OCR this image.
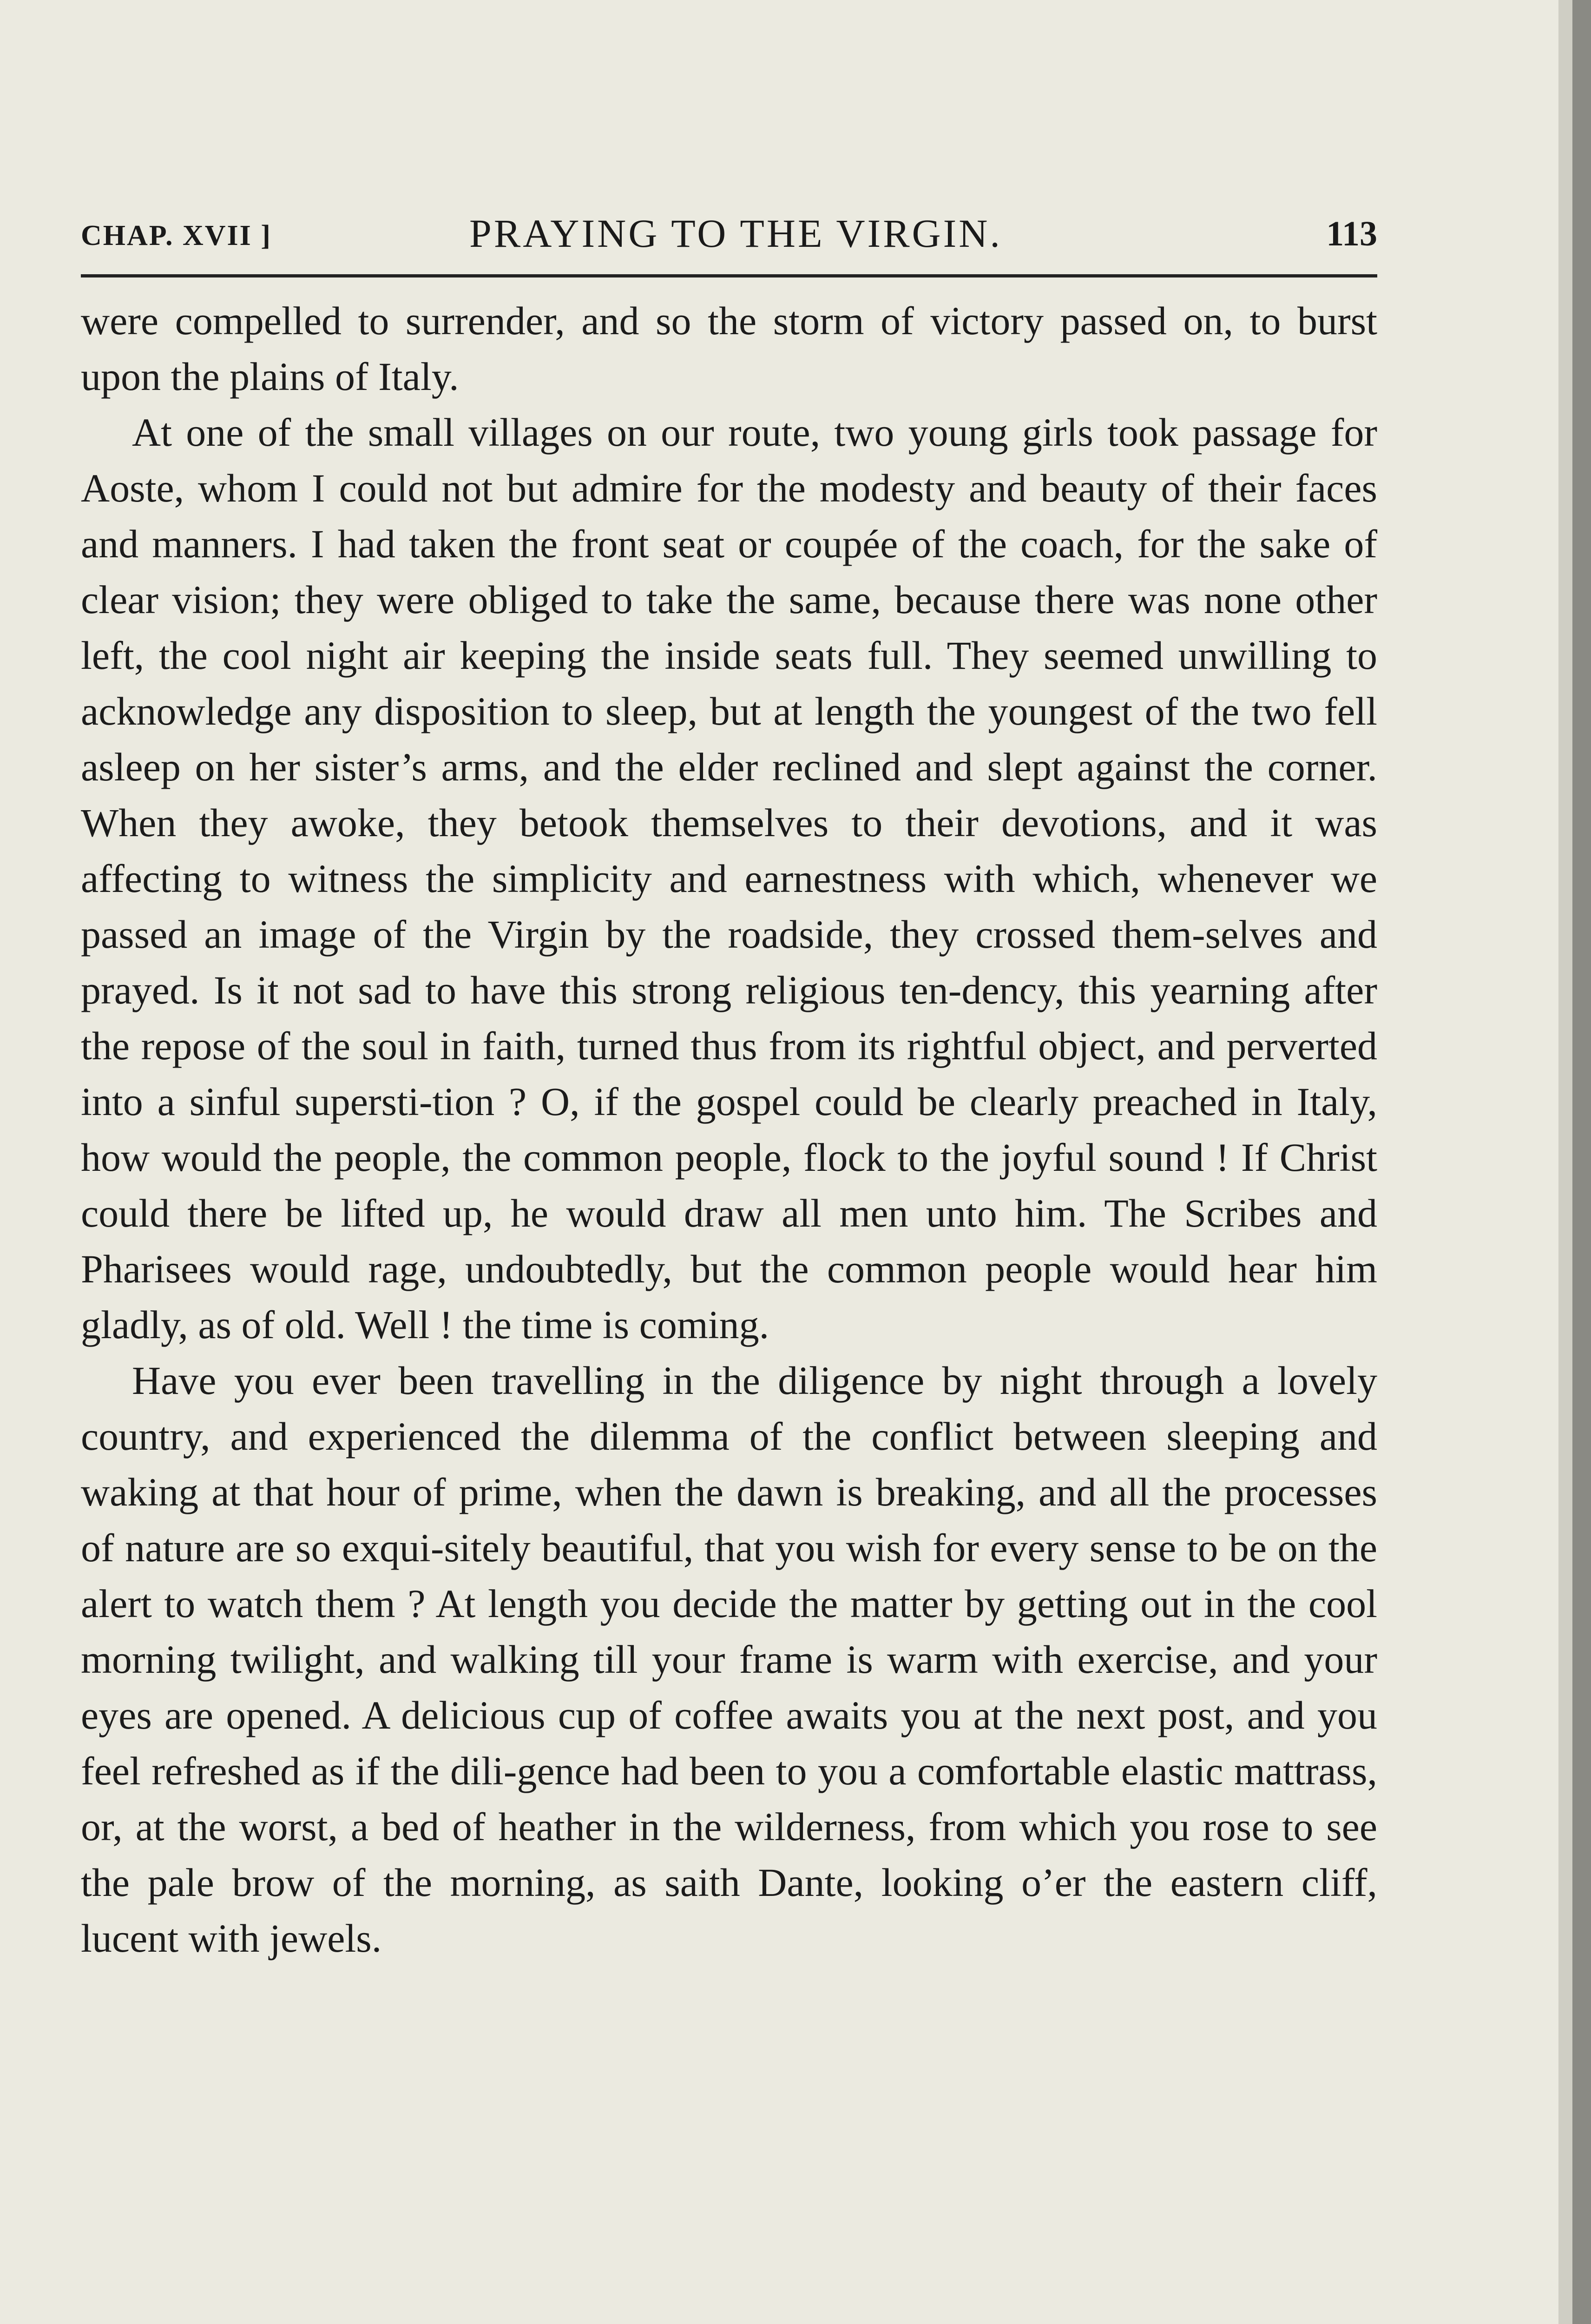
CHAP. XVII ]	PRAYING TO THE VIRGIN.	113

were compelled to surrender, and so the storm of victory passed on, to burst upon the plains of Italy.

At one of the small villages on our route, two young girls took passage for Aoste, whom I could not but admire for the modesty and beauty of their faces and manners. I had taken the front seat or coupée of the coach, for the sake of clear vision; they were obliged to take the same, because there was none other left, the cool night air keeping the inside seats full. They seemed unwilling to acknowledge any disposition to sleep, but at length the youngest of the two fell asleep on her sister’s arms, and the elder reclined and slept against the corner. When they awoke, they betook themselves to their devotions, and it was affecting to witness the simplicity and earnestness with which, whenever we passed an image of the Virgin by the roadside, they crossed them-selves and prayed. Is it not sad to have this strong religious ten-dency, this yearning after the repose of the soul in faith, turned thus from its rightful object, and perverted into a sinful supersti-tion ? O, if the gospel could be clearly preached in Italy, how would the people, the common people, flock to the joyful sound ! If Christ could there be lifted up, he would draw all men unto him. The Scribes and Pharisees would rage, undoubtedly, but the common people would hear him gladly, as of old. Well ! the time is coming.

Have you ever been travelling in the diligence by night through a lovely country, and experienced the dilemma of the conflict between sleeping and waking at that hour of prime, when the dawn is breaking, and all the processes of nature are so exqui-sitely beautiful, that you wish for every sense to be on the alert to watch them ? At length you decide the matter by getting out in the cool morning twilight, and walking till your frame is warm with exercise, and your eyes are opened. A delicious cup of coffee awaits you at the next post, and you feel refreshed as if the dili-gence had been to you a comfortable elastic mattrass, or, at the worst, a bed of heather in the wilderness, from which you rose to see the pale brow of the morning, as saith Dante, looking o’er the eastern cliff, lucent with jewels.
